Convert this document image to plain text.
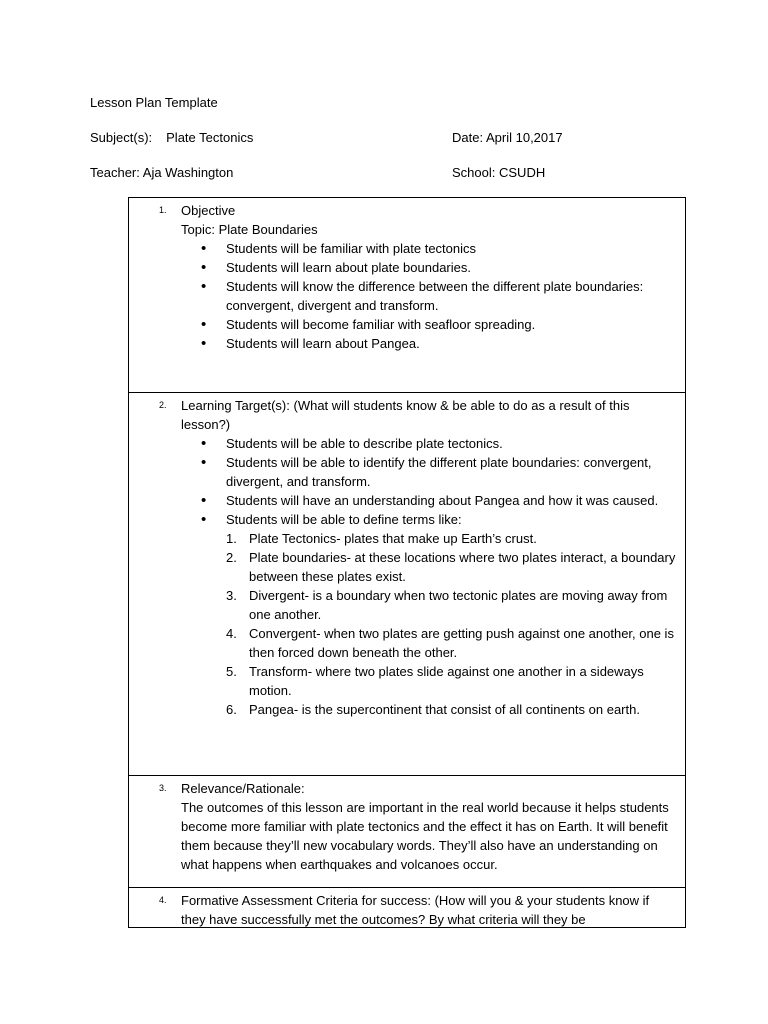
Lesson Plan Template
Subject(s): Plate Tectonics	Date: April 10,2017
Teacher: Aja Washington	School: CSUDH
1. Objective
Topic: Plate Boundaries
• Students will be familiar with plate tectonics
• Students will learn about plate boundaries.
• Students will know the difference between the different plate boundaries: convergent, divergent and transform.
• Students will become familiar with seafloor spreading.
• Students will learn about Pangea.
2. Learning Target(s): (What will students know & be able to do as a result of this lesson?)
• Students will be able to describe plate tectonics.
• Students will be able to identify the different plate boundaries: convergent, divergent, and transform.
• Students will have an understanding about Pangea and how it was caused.
• Students will be able to define terms like:
1. Plate Tectonics- plates that make up Earth’s crust.
2. Plate boundaries- at these locations where two plates interact, a boundary between these plates exist.
3. Divergent- is a boundary when two tectonic plates are moving away from one another.
4. Convergent- when two plates are getting push against one another, one is then forced down beneath the other.
5. Transform- where two plates slide against one another in a sideways motion.
6. Pangea- is the supercontinent that consist of all continents on earth.
3. Relevance/Rationale:

The outcomes of this lesson are important in the real world because it helps students become more familiar with plate tectonics and the effect it has on Earth. It will benefit them because they’ll new vocabulary words. They’ll also have an understanding on what happens when earthquakes and volcanoes occur.

4. Formative Assessment Criteria for success: (How will you & your students know if they have successfully met the outcomes? By what criteria will they be
